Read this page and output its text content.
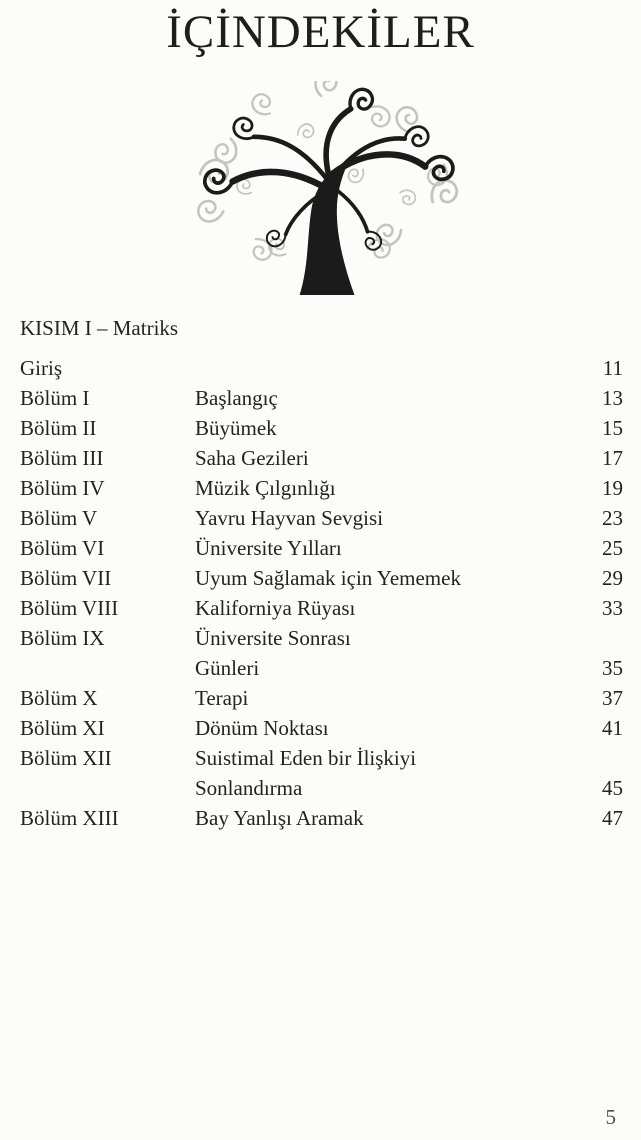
İÇİNDEKİLER
KISIM I – Matriks
Giriş	11
Bölüm I	Başlangıç	13
Bölüm II	Büyümek	15
Bölüm III	Saha Gezileri	17
Bölüm IV	Müzik Çılgınlığı	19
Bölüm V	Yavru Hayvan Sevgisi	23
Bölüm VI	Üniversite Yılları	25
Bölüm VII	Uyum Sağlamak için Yememek	29
Bölüm VIII	Kaliforniya Rüyası	33
Bölüm IX	Üniversite Sonrası
Günleri	35
Bölüm X	Terapi	37
Bölüm XI	Dönüm Noktası	41
Bölüm XII	Suistimal Eden bir İlişkiyi
Sonlandırma	45
Bölüm XIII	Bay Yanlışı Aramak	47
5
